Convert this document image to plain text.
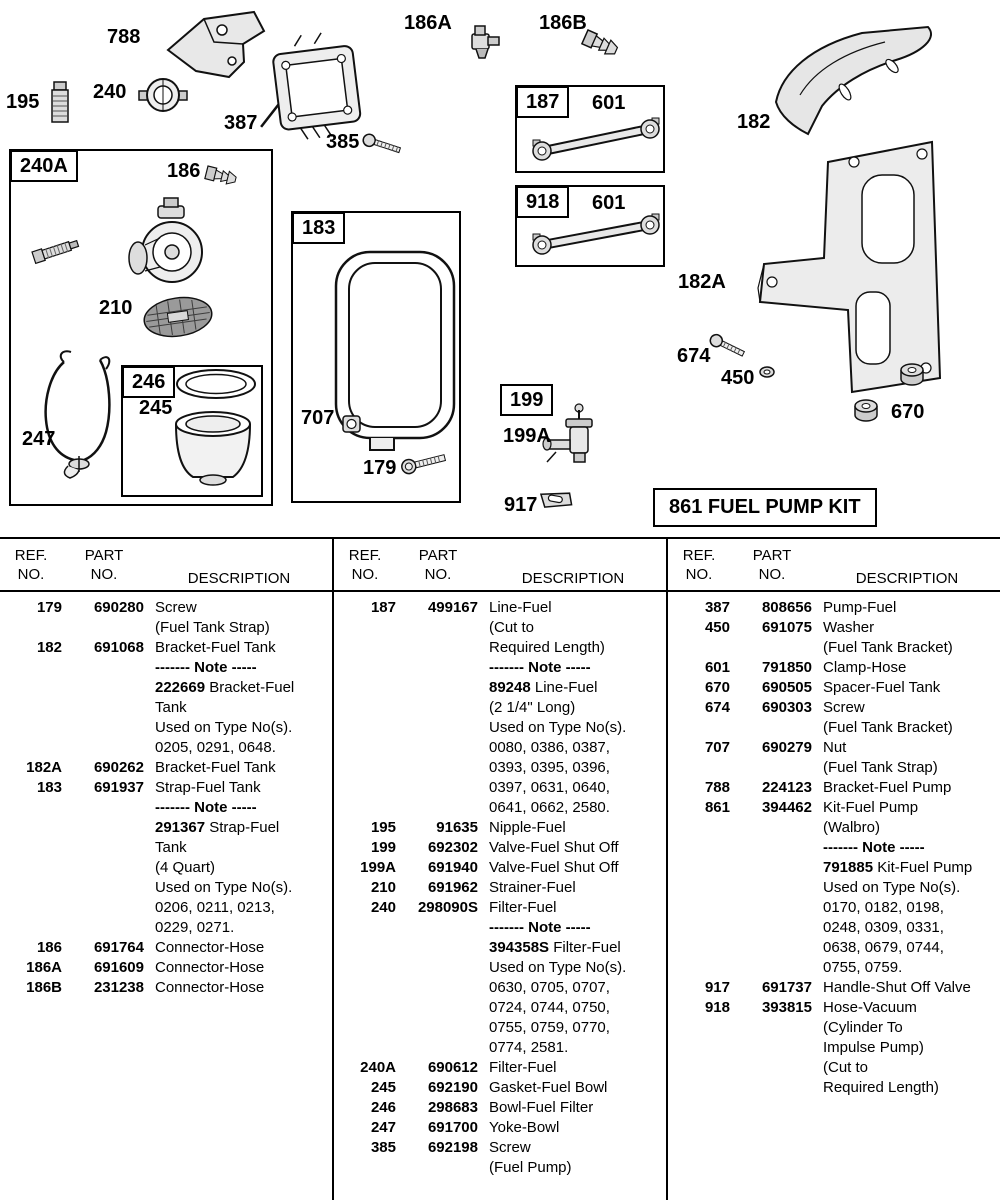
788
186A	186B
195	240
387
385
182
240A	186
183
210
246
245
247
707
179
182A
674
450
670
187	601
918	601
199
199A
917	861 FUEL PUMP KIT
REF.
NO.
PART
NO.	DESCRIPTION
179	690280 Screw
(Fuel Tank Strap)
182	691068 Bracket-Fuel Tank
------- Note -----
222669 Bracket-Fuel
Tank
Used on Type No(s).
0205, 0291, 0648.
182A	690262 Bracket-Fuel Tank
183	691937 Strap-Fuel Tank
------- Note -----
291367 Strap-Fuel
Tank
(4 Quart)
Used on Type No(s).
0206, 0211, 0213,
0229, 0271.
186	691764 Connector-Hose
186A	691609 Connector-Hose
186B	231238 Connector-Hose
REF.
NO.
PART
NO.	DESCRIPTION
187	499167 Line-Fuel
(Cut to
Required Length)
------- Note -----
89248 Line-Fuel
(2 1/4" Long)
Used on Type No(s).
0080, 0386, 0387,
0393, 0395, 0396,
0397, 0631, 0640,
0641, 0662, 2580.
195	91635 Nipple-Fuel
199	692302 Valve-Fuel Shut Off
199A	691940 Valve-Fuel Shut Off
210	691962 Strainer-Fuel
240	298090S Filter-Fuel
------- Note -----
394358S Filter-Fuel
Used on Type No(s).
0630, 0705, 0707,
0724, 0744, 0750,
0755, 0759, 0770,
0774, 2581.
240A	690612 Filter-Fuel
245	692190 Gasket-Fuel Bowl
246	298683 Bowl-Fuel Filter
247	691700 Yoke-Bowl
385	692198 Screw
(Fuel Pump)
REF.
NO.
PART
NO.	DESCRIPTION
387	808656 Pump-Fuel
450	691075 Washer
(Fuel Tank Bracket)
601	791850 Clamp-Hose
670	690505 Spacer-Fuel Tank
674	690303 Screw
(Fuel Tank Bracket)
707	690279 Nut
(Fuel Tank Strap)
788	224123 Bracket-Fuel Pump
861	394462 Kit-Fuel Pump
(Walbro)
------- Note -----
791885 Kit-Fuel Pump
Used on Type No(s).
0170, 0182, 0198,
0248, 0309, 0331,
0638, 0679, 0744,
0755, 0759.
917	691737 Handle-Shut Off Valve
918	393815 Hose-Vacuum
(Cylinder To
Impulse Pump)
(Cut to
Required Length)
